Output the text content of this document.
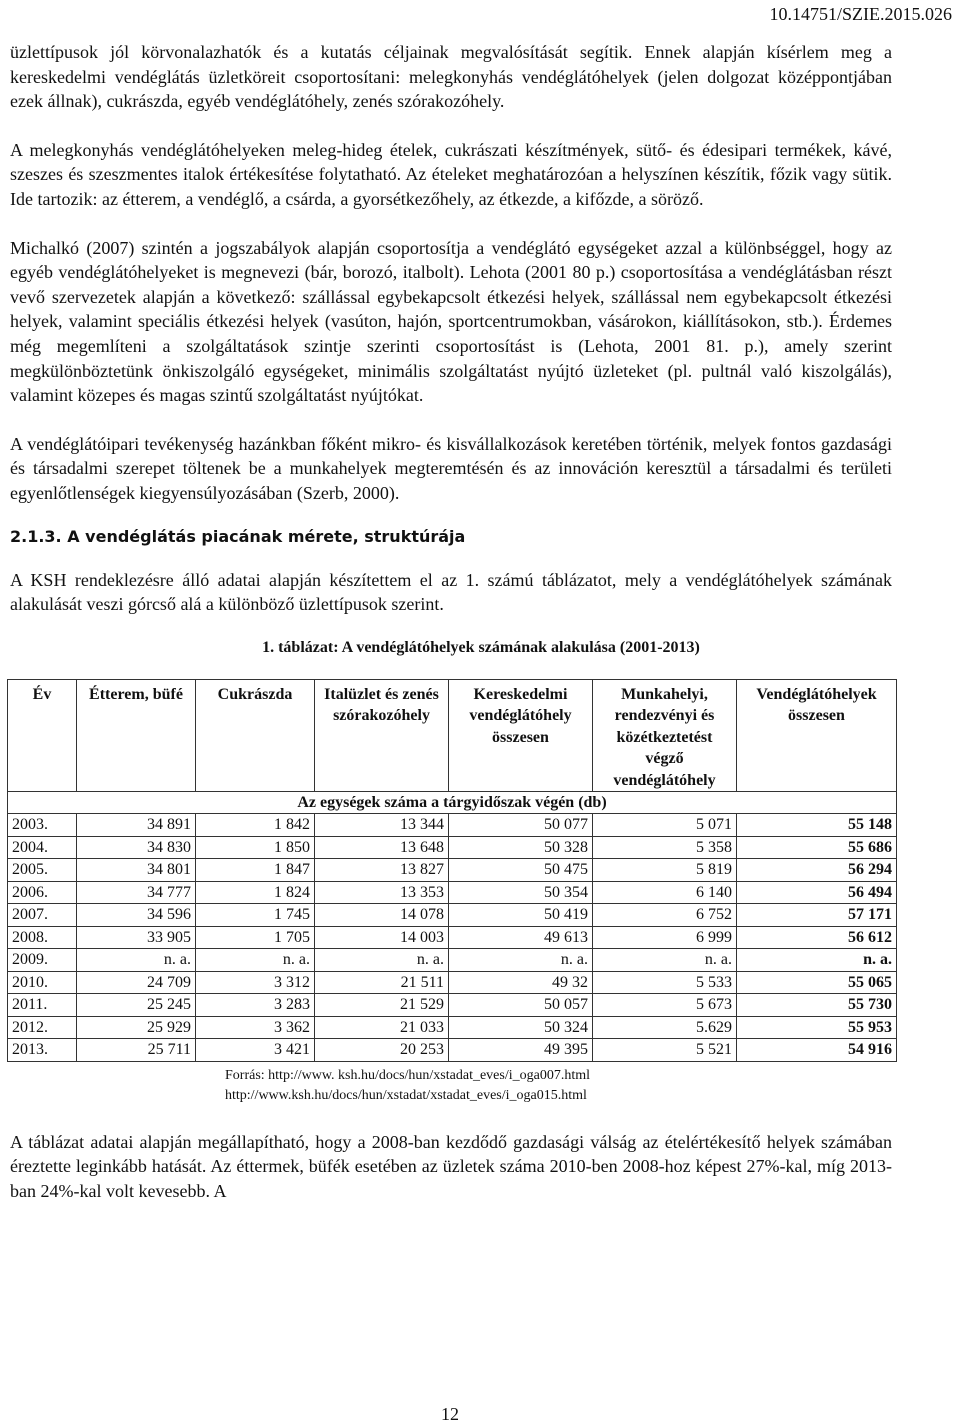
10.14751/SZIE.2015.026

üzlettípusok jól körvonalazhatók és a kutatás céljainak megvalósítását segítik. Ennek alapján kísérlem meg a kereskedelmi vendéglátás üzletköreit csoportosítani: melegkonyhás vendéglátóhelyek (jelen dolgozat középpontjában ezek állnak), cukrászda, egyéb vendéglátóhely, zenés szórakozóhely.

A melegkonyhás vendéglátóhelyeken meleg-hideg ételek, cukrászati készítmények, sütő- és édesipari termékek, kávé, szeszes és szeszmentes italok értékesítése folytatható. Az ételeket meghatározóan a helyszínen készítik, főzik vagy sütik. Ide tartozik: az étterem, a vendéglő, a csárda, a gyorsétkezőhely, az étkezde, a kifőzde, a söröző.

Michalkó (2007) szintén a jogszabályok alapján csoportosítja a vendéglátó egységeket azzal a különbséggel, hogy az egyéb vendéglátóhelyeket is megnevezi (bár, borozó, italbolt). Lehota (2001 80 p.) csoportosítása a vendéglátásban részt vevő szervezetek alapján a következő: szállással egybekapcsolt étkezési helyek, szállással nem egybekapcsolt étkezési helyek, valamint speciális étkezési helyek (vasúton, hajón, sportcentrumokban, vásárokon, kiállításokon, stb.). Érdemes még megemlíteni a szolgáltatások szintje szerinti csoportosítást is (Lehota, 2001 81. p.), amely szerint megkülönböztetünk önkiszolgáló egységeket, minimális szolgáltatást nyújtó üzleteket (pl. pultnál való kiszolgálás), valamint közepes és magas szintű szolgáltatást nyújtókat.

A vendéglátóipari tevékenység hazánkban főként mikro- és kisvállalkozások keretében történik, melyek fontos gazdasági és társadalmi szerepet töltenek be a munkahelyek megteremtésén és az innováción keresztül a társadalmi és területi egyenlőtlenségek kiegyensúlyozásában (Szerb, 2000).

2.1.3. A vendéglátás piacának mérete, struktúrája

A KSH rendeklezésre álló adatai alapján készítettem el az 1. számú táblázatot, mely a vendéglátóhelyek számának alakulását veszi górcső alá a különböző üzlettípusok szerint.

1. táblázat: A vendéglátóhelyek számának alakulása (2001-2013)
Év	Étterem, büfé	Cukrászda	Italüzlet és zenés szórakozóhely	Kereskedelmi vendéglátóhely összesen	Munkahelyi, rendezvényi és közétkeztetést végző vendéglátóhely	Vendéglátóhelyek összesen
Az egységek száma a tárgyidőszak végén (db)						
2003.	34 891	1 842	13 344	50 077	5 071	55 148
2004.	34 830	1 850	13 648	50 328	5 358	55 686
2005.	34 801	1 847	13 827	50 475	5 819	56 294
2006.	34 777	1 824	13 353	50 354	6 140	56 494
2007.	34 596	1 745	14 078	50 419	6 752	57 171
2008.	33 905	1 705	14 003	49 613	6 999	56 612
2009.	n. a.	n. a.	n. a.	n. a.	n. a.	n. a.
2010.	24 709	3 312	21 511	49 32	5 533	55 065
2011.	25 245	3 283	21 529	50 057	5 673	55 730
2012.	25 929	3 362	21 033	50 324	5.629	55 953
2013.	25 711	3 421	20 253	49 395	5 521	54 916
Forrás: http://www. ksh.hu/docs/hun/xstadat_eves/i_oga007.html
http://www.ksh.hu/docs/hun/xstadat/xstadat_eves/i_oga015.html

A táblázat adatai alapján megállapítható, hogy a 2008-ban kezdődő gazdasági válság az ételértékesítő helyek számában éreztette leginkább hatását. Az éttermek, büfék esetében az üzletek száma 2010-ben 2008-hoz képest 27%-kal, míg 2013-ban 24%-kal volt kevesebb. A

12
